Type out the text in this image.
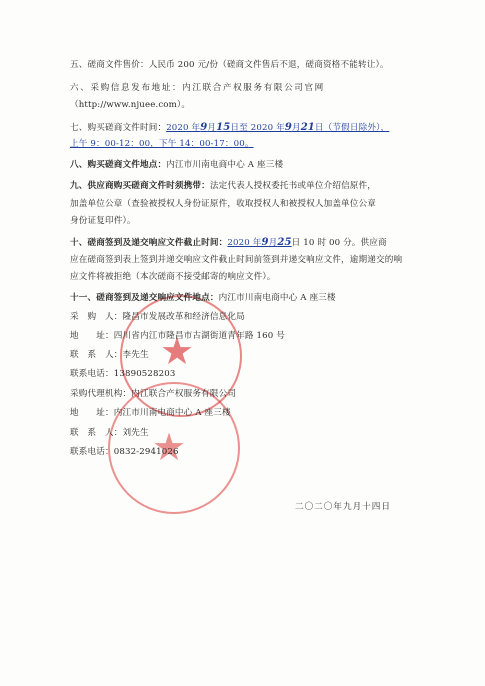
★
★
五、磋商文件售价：人民币 200 元/份（磋商文件售后不退，磋商资格不能转让）。
六、采购信息发布地址：内江联合产权服务有限公司官网
（http://www.njuee.com）。
七、购买磋商文件时间：2020 年9月15日至 2020 年9月21日（节假日除外），
上午 9：00-12：00，下午 14：00-17：00。
八、购买磋商文件地点：内江市川南电商中心 A 座三楼
九、供应商购买磋商文件时须携带：法定代表人授权委托书或单位介绍信原件，
加盖单位公章（查验被授权人身份证原件，收取授权人和被授权人加盖单位公章
身份证复印件）。
十、磋商签到及递交响应文件截止时间：2020 年9月25日 10 时 00 分。供应商
应在磋商签到表上签到并递交响应文件截止时间前签到并递交响应文件，逾期递交的响
应文件将被拒绝（本次磋商不接受邮寄的响应文件）。
十一、磋商签到及递交响应文件地点：内江市川南电商中心 A 座三楼
采　购　人：隆昌市发展改革和经济信息化局
地　　址：四川省内江市隆昌市古湖街道青年路 160 号
联　系　人：李先生
联系电话：13890528203
采购代理机构：内江联合产权服务有限公司
地　　址：内江市川南电商中心 A 座三楼
联　系　人：刘先生
联系电话：0832-2941026
二〇二〇年九月十四日
